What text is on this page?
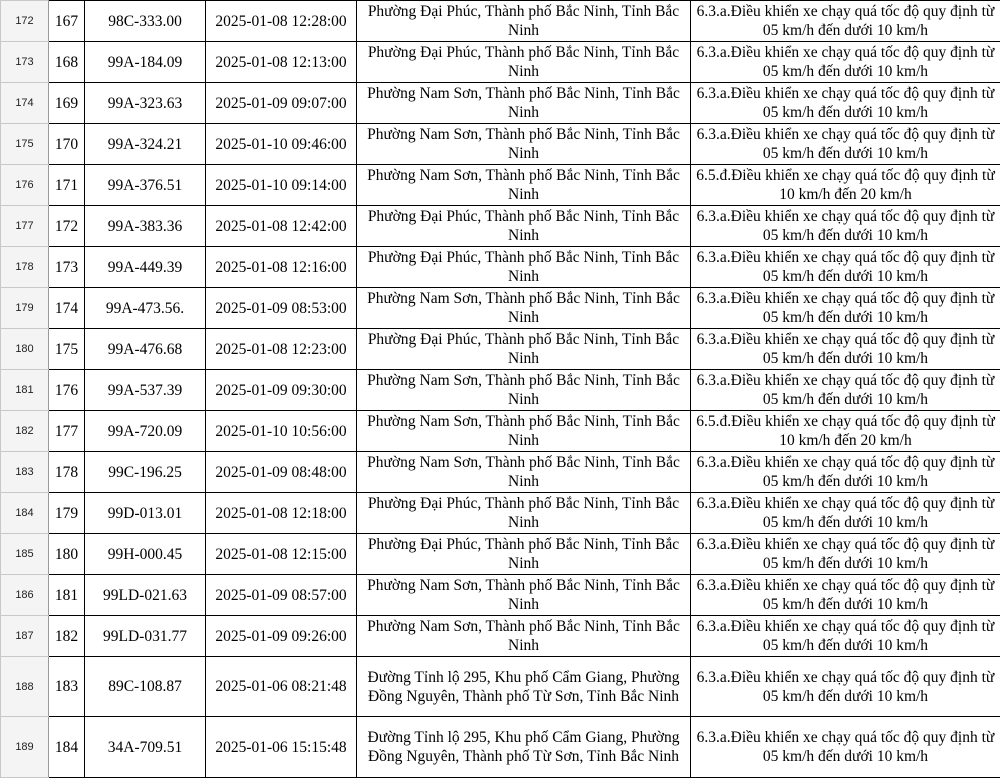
172	167	98C-333.00	2025-01-08 12:28:00	Phường Đại Phúc, Thành phố Bắc Ninh, Tỉnh Bắc Ninh	6.3.a.Điều khiển xe chạy quá tốc độ quy định từ 05 km/h đến dưới 10 km/h
173	168	99A-184.09	2025-01-08 12:13:00	Phường Đại Phúc, Thành phố Bắc Ninh, Tỉnh Bắc Ninh	6.3.a.Điều khiển xe chạy quá tốc độ quy định từ 05 km/h đến dưới 10 km/h
174	169	99A-323.63	2025-01-09 09:07:00	Phường Nam Sơn, Thành phố Bắc Ninh, Tỉnh Bắc Ninh	6.3.a.Điều khiển xe chạy quá tốc độ quy định từ 05 km/h đến dưới 10 km/h
175	170	99A-324.21	2025-01-10 09:46:00	Phường Nam Sơn, Thành phố Bắc Ninh, Tỉnh Bắc Ninh	6.3.a.Điều khiển xe chạy quá tốc độ quy định từ 05 km/h đến dưới 10 km/h
176	171	99A-376.51	2025-01-10 09:14:00	Phường Nam Sơn, Thành phố Bắc Ninh, Tỉnh Bắc Ninh	6.5.đ.Điều khiển xe chạy quá tốc độ quy định từ 10 km/h đến 20 km/h
177	172	99A-383.36	2025-01-08 12:42:00	Phường Đại Phúc, Thành phố Bắc Ninh, Tỉnh Bắc Ninh	6.3.a.Điều khiển xe chạy quá tốc độ quy định từ 05 km/h đến dưới 10 km/h
178	173	99A-449.39	2025-01-08 12:16:00	Phường Đại Phúc, Thành phố Bắc Ninh, Tỉnh Bắc Ninh	6.3.a.Điều khiển xe chạy quá tốc độ quy định từ 05 km/h đến dưới 10 km/h
179	174	99A-473.56.	2025-01-09 08:53:00	Phường Nam Sơn, Thành phố Bắc Ninh, Tỉnh Bắc Ninh	6.3.a.Điều khiển xe chạy quá tốc độ quy định từ 05 km/h đến dưới 10 km/h
180	175	99A-476.68	2025-01-08 12:23:00	Phường Đại Phúc, Thành phố Bắc Ninh, Tỉnh Bắc Ninh	6.3.a.Điều khiển xe chạy quá tốc độ quy định từ 05 km/h đến dưới 10 km/h
181	176	99A-537.39	2025-01-09 09:30:00	Phường Nam Sơn, Thành phố Bắc Ninh, Tỉnh Bắc Ninh	6.3.a.Điều khiển xe chạy quá tốc độ quy định từ 05 km/h đến dưới 10 km/h
182	177	99A-720.09	2025-01-10 10:56:00	Phường Nam Sơn, Thành phố Bắc Ninh, Tỉnh Bắc Ninh	6.5.đ.Điều khiển xe chạy quá tốc độ quy định từ 10 km/h đến 20 km/h
183	178	99C-196.25	2025-01-09 08:48:00	Phường Nam Sơn, Thành phố Bắc Ninh, Tỉnh Bắc Ninh	6.3.a.Điều khiển xe chạy quá tốc độ quy định từ 05 km/h đến dưới 10 km/h
184	179	99D-013.01	2025-01-08 12:18:00	Phường Đại Phúc, Thành phố Bắc Ninh, Tỉnh Bắc Ninh	6.3.a.Điều khiển xe chạy quá tốc độ quy định từ 05 km/h đến dưới 10 km/h
185	180	99H-000.45	2025-01-08 12:15:00	Phường Đại Phúc, Thành phố Bắc Ninh, Tỉnh Bắc Ninh	6.3.a.Điều khiển xe chạy quá tốc độ quy định từ 05 km/h đến dưới 10 km/h
186	181	99LD-021.63	2025-01-09 08:57:00	Phường Nam Sơn, Thành phố Bắc Ninh, Tỉnh Bắc Ninh	6.3.a.Điều khiển xe chạy quá tốc độ quy định từ 05 km/h đến dưới 10 km/h
187	182	99LD-031.77	2025-01-09 09:26:00	Phường Nam Sơn, Thành phố Bắc Ninh, Tỉnh Bắc Ninh	6.3.a.Điều khiển xe chạy quá tốc độ quy định từ 05 km/h đến dưới 10 km/h
188	183	89C-108.87	2025-01-06 08:21:48	Đường Tỉnh lộ 295, Khu phố Cẩm Giang, Phường Đồng Nguyên, Thành phố Từ Sơn, Tỉnh Bắc Ninh	6.3.a.Điều khiển xe chạy quá tốc độ quy định từ 05 km/h đến dưới 10 km/h
189	184	34A-709.51	2025-01-06 15:15:48	Đường Tỉnh lộ 295, Khu phố Cẩm Giang, Phường Đồng Nguyên, Thành phố Từ Sơn, Tỉnh Bắc Ninh	6.3.a.Điều khiển xe chạy quá tốc độ quy định từ 05 km/h đến dưới 10 km/h
